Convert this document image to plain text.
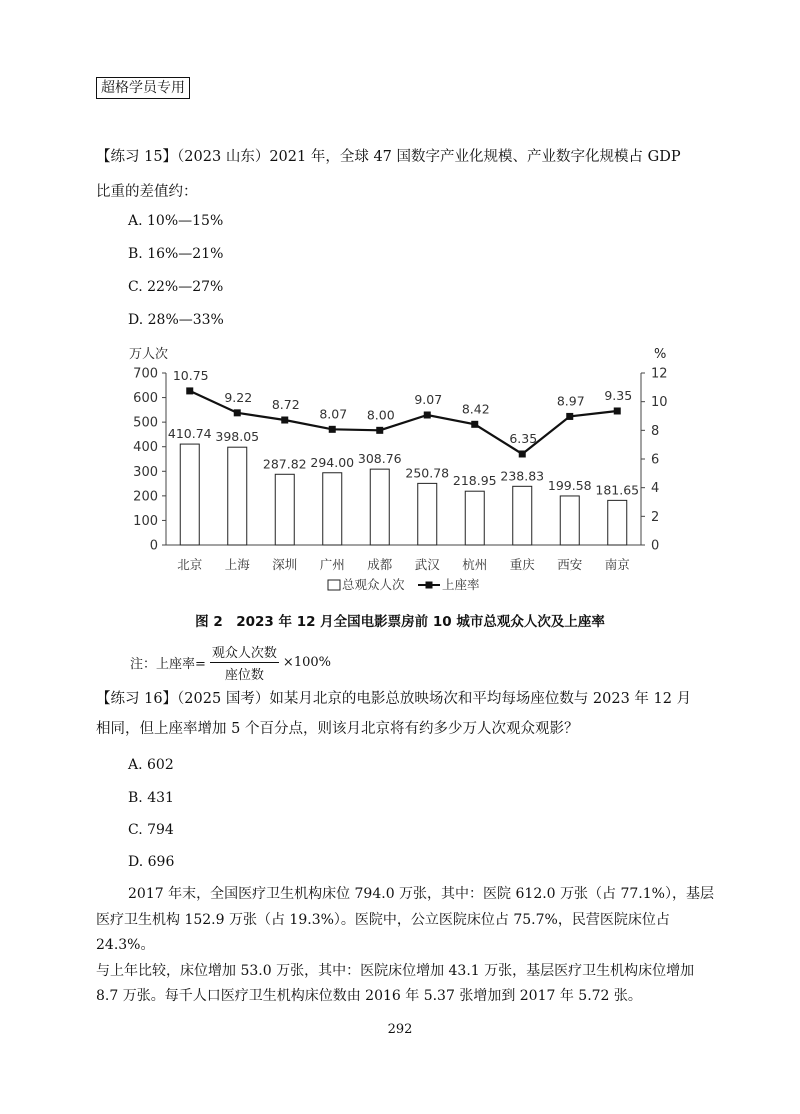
超格学员专用

【练习 15】（2023 山东）2021 年，全球 47 国数字产业化规模、产业数字化规模占 GDP

比重的差值约：

A. 10%—15%
B. 16%—21%
C. 22%—27%
D. 28%—33%
万人次	%
0
100
200
300
400
500
600
700
0
2
4
6
8
10
12
410.74 398.05
287.82 294.00 308.76
250.78
218.95 238.83
199.58 181.65
10.75
9.22 8.72
8.07 8.00
9.07
8.42
6.35
8.97 9.35
北京 上海 深圳 广州 成都 武汉 杭州 重庆 西安 南京
总观众人次	上座率
图 2　2023 年 12 月全国电影票房前 10 城市总观众人次及上座率
注：上座率= $\frac{\text{观众人次数}}{\text{座位数}} \times 100\%$

【练习 16】（2025 国考）如某月北京的电影总放映场次和平均每场座位数与 2023 年 12 月

相同，但上座率增加 5 个百分点，则该月北京将有约多少万人次观众观影？

A. 602
B. 431
C. 794
D. 696

2017 年末，全国医疗卫生机构床位 794.0 万张，其中：医院 612.0 万张（占 77.1%），基层

医疗卫生机构 152.9 万张（占 19.3%）。医院中，公立医院床位占 75.7%，民营医院床位占 24.3%。

与上年比较，床位增加 53.0 万张，其中：医院床位增加 43.1 万张，基层医疗卫生机构床位增加

8.7 万张。每千人口医疗卫生机构床位数由 2016 年 5.37 张增加到 2017 年 5.72 张。

292
